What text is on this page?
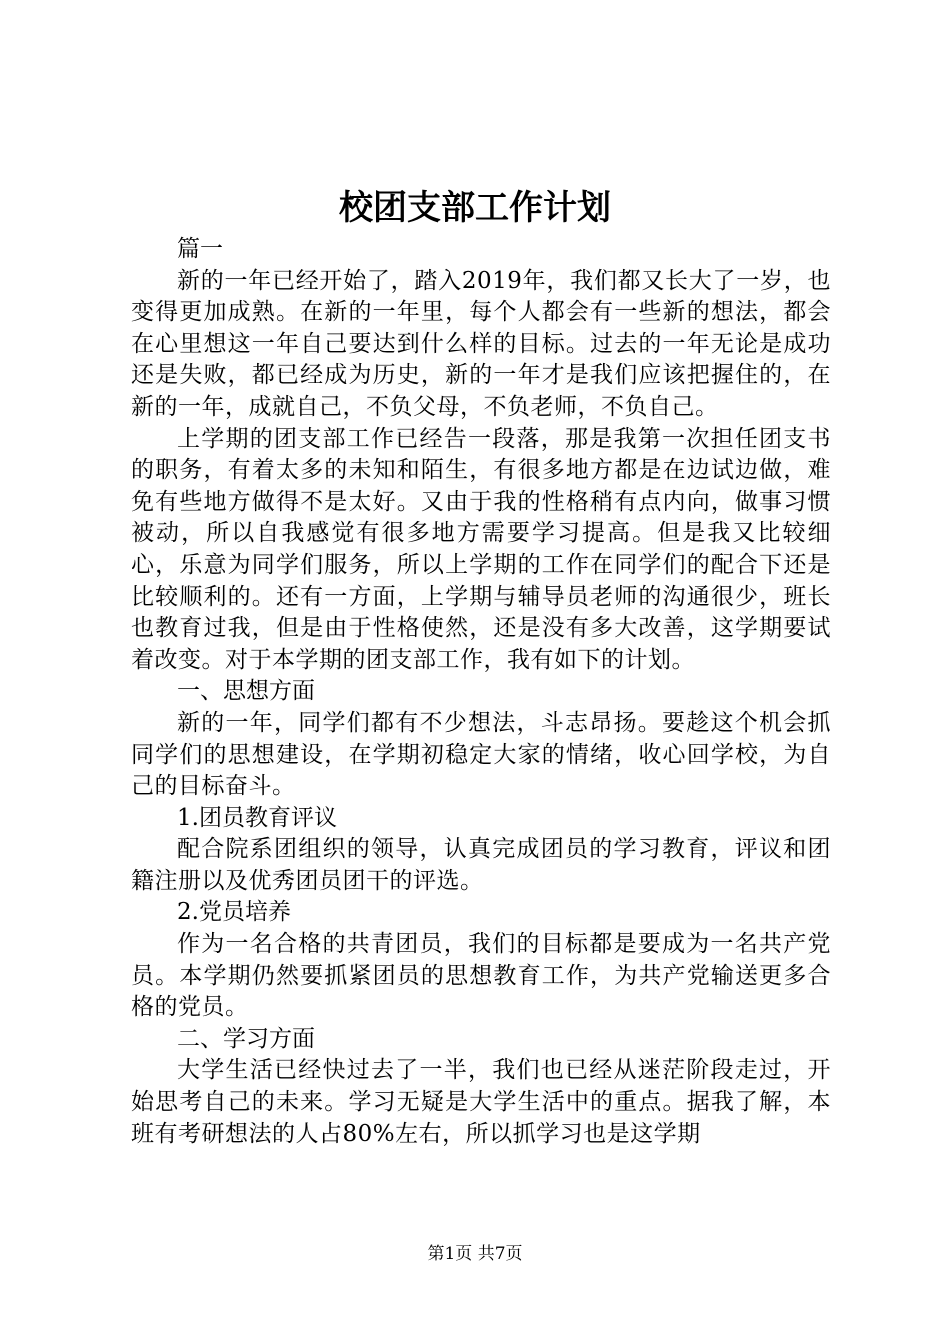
校团支部工作计划
篇一

新的一年已经开始了，踏入2019年，我们都又长大了一岁，也变得更加成熟。在新的一年里，每个人都会有一些新的想法，都会在心里想这一年自己要达到什么样的目标。过去的一年无论是成功还是失败，都已经成为历史，新的一年才是我们应该把握住的，在新的一年，成就自己，不负父母，不负老师，不负自己。

上学期的团支部工作已经告一段落，那是我第一次担任团支书的职务，有着太多的未知和陌生，有很多地方都是在边试边做，难免有些地方做得不是太好。又由于我的性格稍有点内向，做事习惯被动，所以自我感觉有很多地方需要学习提高。但是我又比较细心，乐意为同学们服务，所以上学期的工作在同学们的配合下还是比较顺利的。还有一方面，上学期与辅导员老师的沟通很少，班长也教育过我，但是由于性格使然，还是没有多大改善，这学期要试着改变。对于本学期的团支部工作，我有如下的计划。

一、思想方面

新的一年，同学们都有不少想法，斗志昂扬。要趁这个机会抓同学们的思想建设，在学期初稳定大家的情绪，收心回学校，为自己的目标奋斗。

1.团员教育评议

配合院系团组织的领导，认真完成团员的学习教育，评议和团籍注册以及优秀团员团干的评选。

2.党员培养

作为一名合格的共青团员，我们的目标都是要成为一名共产党员。本学期仍然要抓紧团员的思想教育工作，为共产党输送更多合格的党员。

二、学习方面

大学生活已经快过去了一半，我们也已经从迷茫阶段走过，开始思考自己的未来。学习无疑是大学生活中的重点。据我了解，本班有考研想法的人占80%左右，所以抓学习也是这学期

第1页 共7页
